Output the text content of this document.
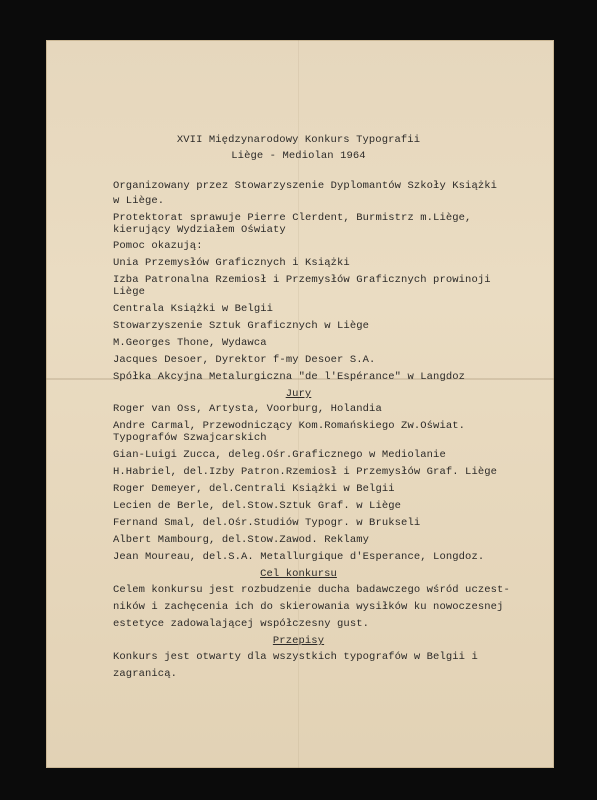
XVII Międzynarodowy Konkurs Typografii
Liège - Mediolan 1964
Organizowany przez Stowarzyszenie Dyplomantów Szkoły Książki
w Liège.
Protektorat sprawuje Pierre Clerdent, Burmistrz m.Liège,
kierujący Wydziałem Oświaty
Pomoc okazują:
Unia Przemysłów Graficznych i Książki
Izba Patronalna Rzemiosł i Przemysłów Graficznych prowinoji
Liège
Centrala Książki w Belgii
Stowarzyszenie Sztuk Graficznych w Liège
M.Georges Thone, Wydawca
Jacques Desoer, Dyrektor f-my Desoer S.A.
Spółka Akcyjna Metalurgiczna "de l'Espérance" w Langdoz
Jury
Roger van Oss, Artysta, Voorburg, Holandia
Andre Carmal, Przewodniczący Kom.Romańskiego Zw.Oświat.
Typografów Szwajcarskich
Gian-Luigi Zucca, deleg.Ośr.Graficznego w Mediolanie
H.Habriel, del.Izby Patron.Rzemiosł i Przemysłów Graf. Liège
Roger Demeyer, del.Centrali Książki w Belgii
Lecien de Berle, del.Stow.Sztuk Graf. w Liège
Fernand Smal, del.Ośr.Studiów Typogr. w Brukseli
Albert Mambourg, del.Stow.Zawod. Reklamy
Jean Moureau, del.S.A. Metallurgique d'Esperance, Longdoz.
Cel konkursu
Celem konkursu jest rozbudzenie ducha badawczego wśród uczest-
ników i zachęcenia ich do skierowania wysiłków ku nowoczesnej
estetyce zadowalającej współczesny gust.
Przepisy
Konkurs jest otwarty dla wszystkich typografów w Belgii i
zagranicą.
